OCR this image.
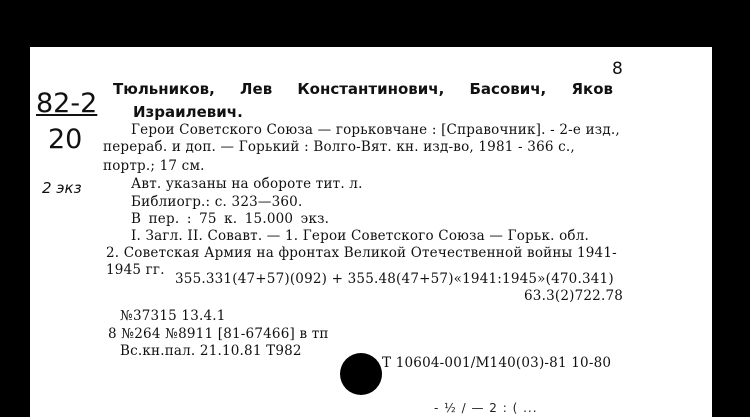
8
82-2
20
2 экз
Тюльников, Лев Константинович, Басович, Яков
Израилевич.
Герои Советского Союза — горьковчане : [Справочник]. - 2-е изд.,
перераб. и доп. — Горький : Волго-Вят. кн. изд-во, 1981 - 366 с.,
портр.; 17 см.
Авт. указаны на обороте тит. л.
Библиогр.: с. 323—360.
В пер. : 75 к. 15.000 экз.
I. Загл. II. Совавт. — 1. Герои Советского Союза — Горьк. обл.
2. Советская Армия на фронтах Великой Отечественной войны 1941-
1945 гг.
355.331(47+57)(092) + 355.48(47+57)«1941:1945»(470.341)
63.3(2)722.78
№37315 13.4.1
8 №264 №8911 [81-67466] в тп
Вс.кн.пал. 21.10.81 Т982
Т 10604-001/М140(03)-81 10-80
- ½ / — 2 : ( ...
